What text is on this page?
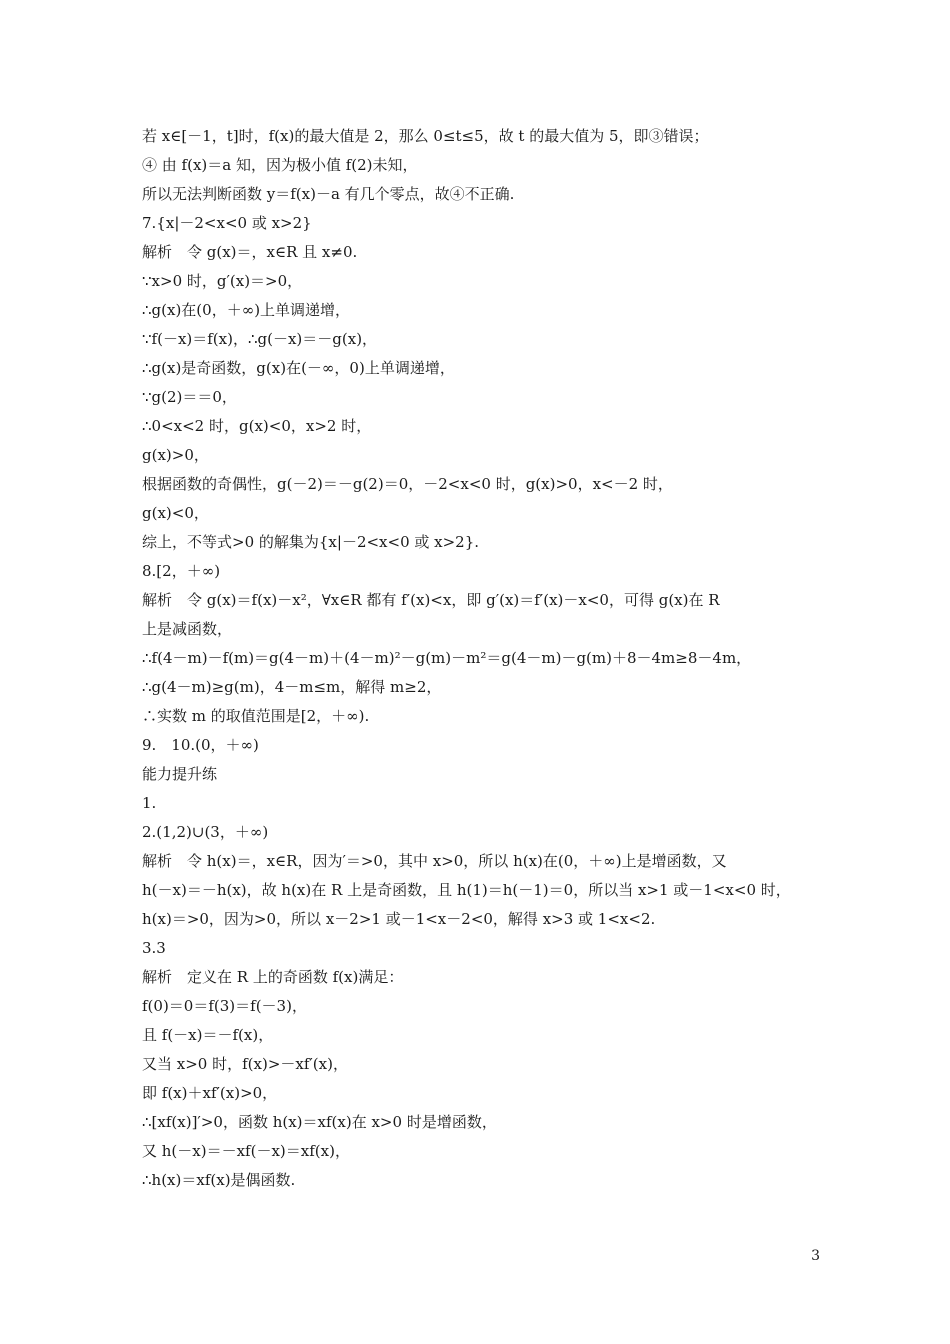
若 x∈[－1，t]时，f(x)的最大值是 2，那么 0≤t≤5，故 t 的最大值为 5，即③错误；
④ 由 f(x)＝a 知，因为极小值 f(2)未知，
所以无法判断函数 y＝f(x)－a 有几个零点，故④不正确.
7.{x|－2<x<0 或 x>2}
解析　令 g(x)＝，x∈R 且 x≠0.
∵x>0 时，g′(x)＝>0，
∴g(x)在(0，＋∞)上单调递增，
∵f(－x)＝f(x)，∴g(－x)＝－g(x)，
∴g(x)是奇函数，g(x)在(－∞，0)上单调递增，
∵g(2)＝＝0，
∴0<x<2 时，g(x)<0，x>2 时，
g(x)>0，
根据函数的奇偶性，g(－2)＝－g(2)＝0，－2<x<0 时，g(x)>0，x<－2 时，
g(x)<0，
综上，不等式>0 的解集为{x|－2<x<0 或 x>2}.
8.[2，＋∞)
解析　令 g(x)＝f(x)－x²，∀x∈R 都有 f′(x)<x，即 g′(x)＝f′(x)－x<0，可得 g(x)在 R
上是减函数，
∴f(4－m)－f(m)＝g(4－m)＋(4－m)²－g(m)－m²＝g(4－m)－g(m)＋8－4m≥8－4m，
∴g(4－m)≥g(m)，4－m≤m，解得 m≥2，
∴实数 m 的取值范围是[2，＋∞).
9.　10.(0，＋∞)
能力提升练
1.
2.(1,2)∪(3，＋∞)
解析　令 h(x)＝，x∈R，因为′＝>0，其中 x>0，所以 h(x)在(0，＋∞)上是增函数，又
h(－x)＝－h(x)，故 h(x)在 R 上是奇函数，且 h(1)＝h(－1)＝0，所以当 x>1 或－1<x<0 时，
h(x)＝>0，因为>0，所以 x－2>1 或－1<x－2<0，解得 x>3 或 1<x<2.
3.3
解析　定义在 R 上的奇函数 f(x)满足：
f(0)＝0＝f(3)＝f(－3)，
且 f(－x)＝－f(x)，
又当 x>0 时，f(x)>－xf′(x)，
即 f(x)＋xf′(x)>0，
∴[xf(x)]′>0，函数 h(x)＝xf(x)在 x>0 时是增函数，
又 h(－x)＝－xf(－x)＝xf(x)，
∴h(x)＝xf(x)是偶函数.
3
